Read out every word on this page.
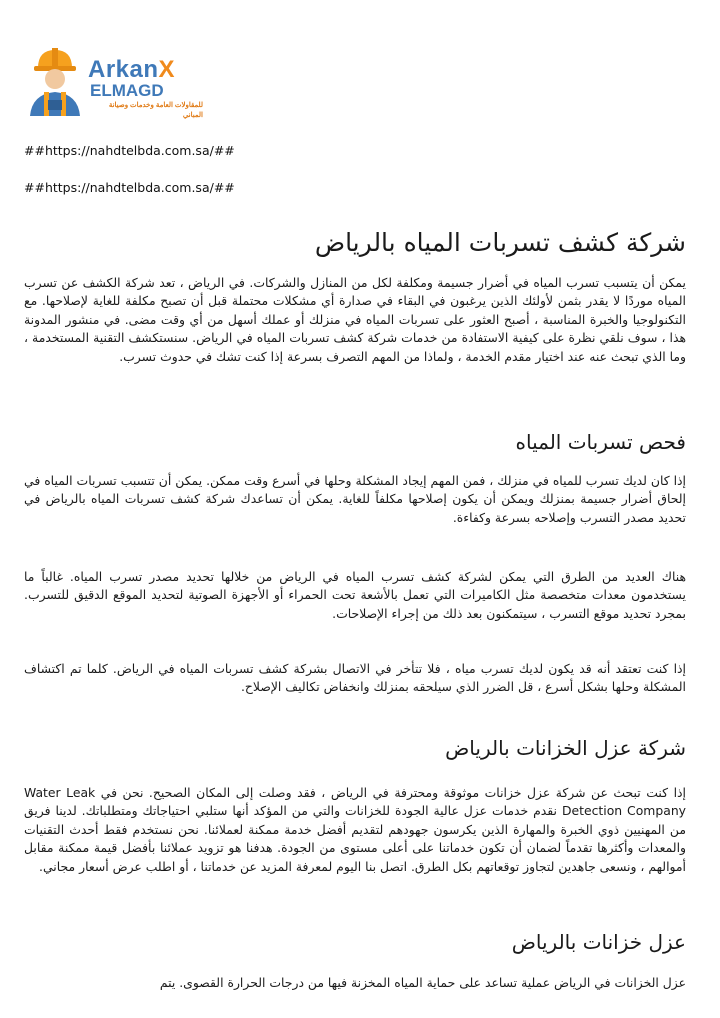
ArkanX
ELMAGD
للمقاولات العامة وخدمات وصيانة المباني
##https://nahdtelbda.com.sa/##
##https://nahdtelbda.com.sa/##
شركة كشف تسربات المياه بالرياض

يمكن أن يتسبب تسرب المياه في أضرار جسيمة ومكلفة لكل من المنازل والشركات. في الرياض ، تعد شركة الكشف عن تسرب المياه موردًا لا يقدر بثمن لأولئك الذين يرغبون في البقاء في صدارة أي مشكلات محتملة قبل أن تصبح مكلفة للغاية لإصلاحها. مع التكنولوجيا والخبرة المناسبة ، أصبح العثور على تسربات المياه في منزلك أو عملك أسهل من أي وقت مضى. في منشور المدونة هذا ، سوف نلقي نظرة على كيفية الاستفادة من خدمات شركة كشف تسربات المياه في الرياض. سنستكشف التقنية المستخدمة ، وما الذي تبحث عنه عند اختيار مقدم الخدمة ، ولماذا من المهم التصرف بسرعة إذا كنت تشك في حدوث تسرب.

فحص تسربات المياه

إذا كان لديك تسرب للمياه في منزلك ، فمن المهم إيجاد المشكلة وحلها في أسرع وقت ممكن. يمكن أن تتسبب تسربات المياه في إلحاق أضرار جسيمة بمنزلك ويمكن أن يكون إصلاحها مكلفاً للغاية. يمكن أن تساعدك شركة كشف تسربات المياه بالرياض في تحديد مصدر التسرب وإصلاحه بسرعة وكفاءة.

هناك العديد من الطرق التي يمكن لشركة كشف تسرب المياه في الرياض من خلالها تحديد مصدر تسرب المياه. غالباً ما يستخدمون معدات متخصصة مثل الكاميرات التي تعمل بالأشعة تحت الحمراء أو الأجهزة الصوتية لتحديد الموقع الدقيق للتسرب. بمجرد تحديد موقع التسرب ، سيتمكنون بعد ذلك من إجراء الإصلاحات.

إذا كنت تعتقد أنه قد يكون لديك تسرب مياه ، فلا تتأخر في الاتصال بشركة كشف تسربات المياه في الرياض. كلما تم اكتشاف المشكلة وحلها بشكل أسرع ، قل الضرر الذي سيلحقه بمنزلك وانخفاض تكاليف الإصلاح.

شركة عزل الخزانات بالرياض

إذا كنت تبحث عن شركة عزل خزانات موثوقة ومحترفة في الرياض ، فقد وصلت إلى المكان الصحيح. نحن في Water Leak Detection Company نقدم خدمات عزل عالية الجودة للخزانات والتي من المؤكد أنها ستلبي احتياجاتك ومتطلباتك. لدينا فريق من المهنيين ذوي الخبرة والمهارة الذين يكرسون جهودهم لتقديم أفضل خدمة ممكنة لعملائنا. نحن نستخدم فقط أحدث التقنيات والمعدات وأكثرها تقدماً لضمان أن تكون خدماتنا على أعلى مستوى من الجودة. هدفنا هو تزويد عملائنا بأفضل قيمة ممكنة مقابل أموالهم ، ونسعى جاهدين لتجاوز توقعاتهم بكل الطرق. اتصل بنا اليوم لمعرفة المزيد عن خدماتنا ، أو اطلب عرض أسعار مجاني.

عزل خزانات بالرياض

عزل الخزانات في الرياض عملية تساعد على حماية المياه المخزنة فيها من درجات الحرارة القصوى. يتم
